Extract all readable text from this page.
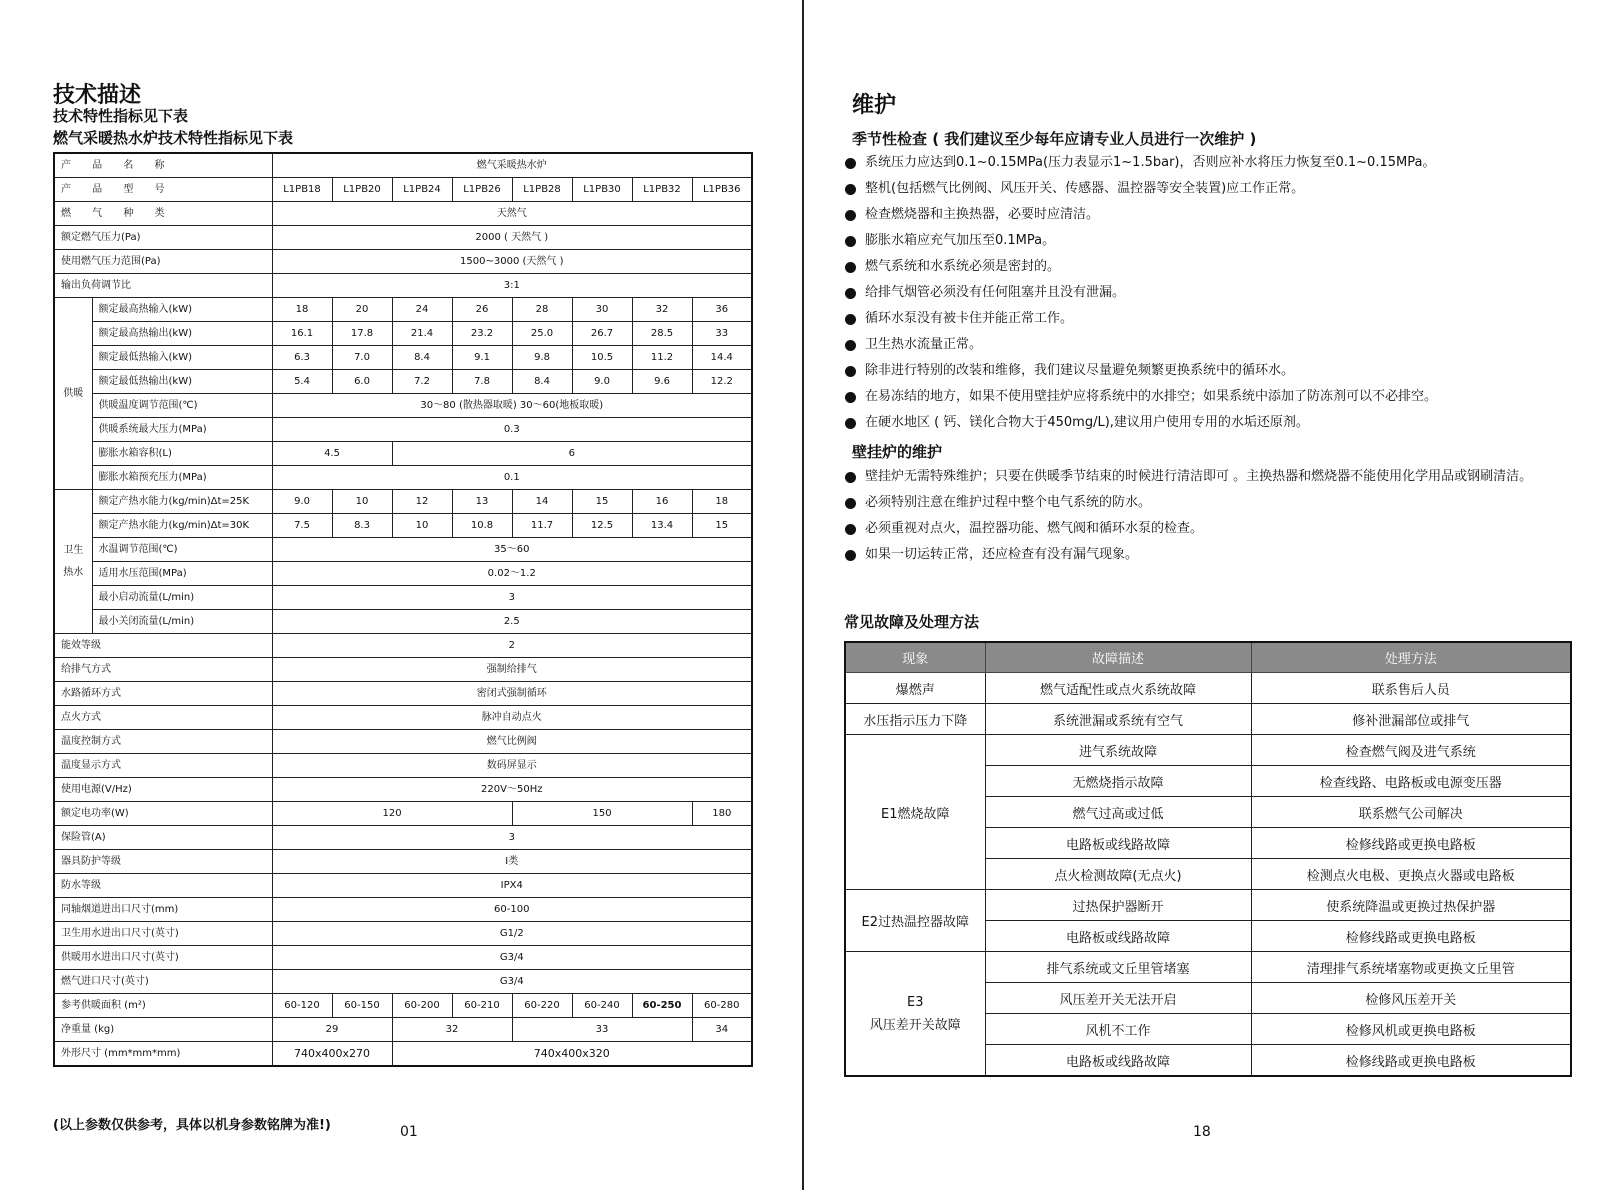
技术描述
技术特性指标见下表
燃气采暖热水炉技术特性指标见下表
产 品 名 称		燃气采暖热水炉							
产 品 型 号		L1PB18	L1PB20	L1PB24	L1PB26	L1PB28	L1PB30	L1PB32	L1PB36
燃 气 种 类		天然气							
额定燃气压力(Pa)		2000 ( 天然气 )							
使用燃气压力范围(Pa)		1500~3000 (天然气 )							
输出负荷调节比		3:1							
供暖	额定最高热输入(kW)	18	20	24	26	28	30	32	36
	额定最高热输出(kW)	16.1	17.8	21.4	23.2	25.0	26.7	28.5	33
	额定最低热输入(kW)	6.3	7.0	8.4	9.1	9.8	10.5	11.2	14.4
	额定最低热输出(kW)	5.4	6.0	7.2	7.8	8.4	9.0	9.6	12.2
	供暖温度调节范围(℃)	30～80 (散热器取暖) 30～60(地板取暖)							
	供暖系统最大压力(MPa)	0.3							
	膨胀水箱容积(L)	4.5		6					
	膨胀水箱预充压力(MPa)	0.1							
卫生热水	额定产热水能力(kg/min)Δt=25K	9.0	10	12	13	14	15	16	18
	额定产热水能力(kg/min)Δt=30K	7.5	8.3	10	10.8	11.7	12.5	13.4	15
	水温调节范围(℃)	35～60							
	适用水压范围(MPa)	0.02～1.2							
	最小启动流量(L/min)	3							
	最小关闭流量(L/min)	2.5							
能效等级		2							
给排气方式		强制给排气							
水路循环方式		密闭式强制循环							
点火方式		脉冲自动点火							
温度控制方式		燃气比例阀							
温度显示方式		数码屏显示							
使用电源(V/Hz)		220V～50Hz							
额定电功率(W)		120				150			180
保险管(A)		3							
器具防护等级		Ⅰ类							
防水等级		IPX4							
同轴烟道进出口尺寸(mm)		60-100							
卫生用水进出口尺寸(英寸)		G1/2							
供暖用水进出口尺寸(英寸)		G3/4							
燃气进口尺寸(英寸)		G3/4							
参考供暖面积 (m²)		60-120	60-150	60-200	60-210	60-220	60-240	60-250	60-280
净重量 (kg)		29		32		33			34
外形尺寸 (mm*mm*mm)		740x400x270		740x400x320					
(以上参数仅供参考，具体以机身参数铭牌为准!)	01
维护
季节性检查 ( 我们建议至少每年应请专业人员进行一次维护 )
系统压力应达到0.1~0.15MPa(压力表显示1~1.5bar)，否则应补水将压力恢复至0.1~0.15MPa。
整机(包括燃气比例阀、风压开关、传感器、温控器等安全装置)应工作正常。
检查燃烧器和主换热器，必要时应清洁。
膨胀水箱应充气加压至0.1MPa。
燃气系统和水系统必须是密封的。
给排气烟管必须没有任何阻塞并且没有泄漏。
循环水泵没有被卡住并能正常工作。
卫生热水流量正常。
除非进行特别的改装和维修，我们建议尽量避免频繁更换系统中的循环水。
在易冻结的地方，如果不使用壁挂炉应将系统中的水排空；如果系统中添加了防冻剂可以不必排空。
在硬水地区 ( 钙、镁化合物大于450mg/L),建议用户使用专用的水垢还原剂。
壁挂炉的维护
壁挂炉无需特殊维护；只要在供暖季节结束的时候进行清洁即可 。主换热器和燃烧器不能使用化学用品或钢刷清洁。
必须特别注意在维护过程中整个电气系统的防水。
必须重视对点火，温控器功能、燃气阀和循环水泵的检查。
如果一切运转正常，还应检查有没有漏气现象。
常见故障及处理方法
现象	故障描述	处理方法
爆燃声	燃气适配性或点火系统故障	联系售后人员
水压指示压力下降	系统泄漏或系统有空气	修补泄漏部位或排气
E1燃烧故障	进气系统故障	检查燃气阀及进气系统
	无燃烧指示故障	检查线路、电路板或电源变压器
	燃气过高或过低	联系燃气公司解决
	电路板或线路故障	检修线路或更换电路板
	点火检测故障(无点火)	检测点火电极、更换点火器或电路板
E2过热温控器故障	过热保护器断开	使系统降温或更换过热保护器
	电路板或线路故障	检修线路或更换电路板

E3
风压差开关故障	排气系统或文丘里管堵塞	清理排气系统堵塞物或更换文丘里管
	风压差开关无法开启	检修风压差开关
	风机不工作	检修风机或更换电路板
	电路板或线路故障	检修线路或更换电路板
18
